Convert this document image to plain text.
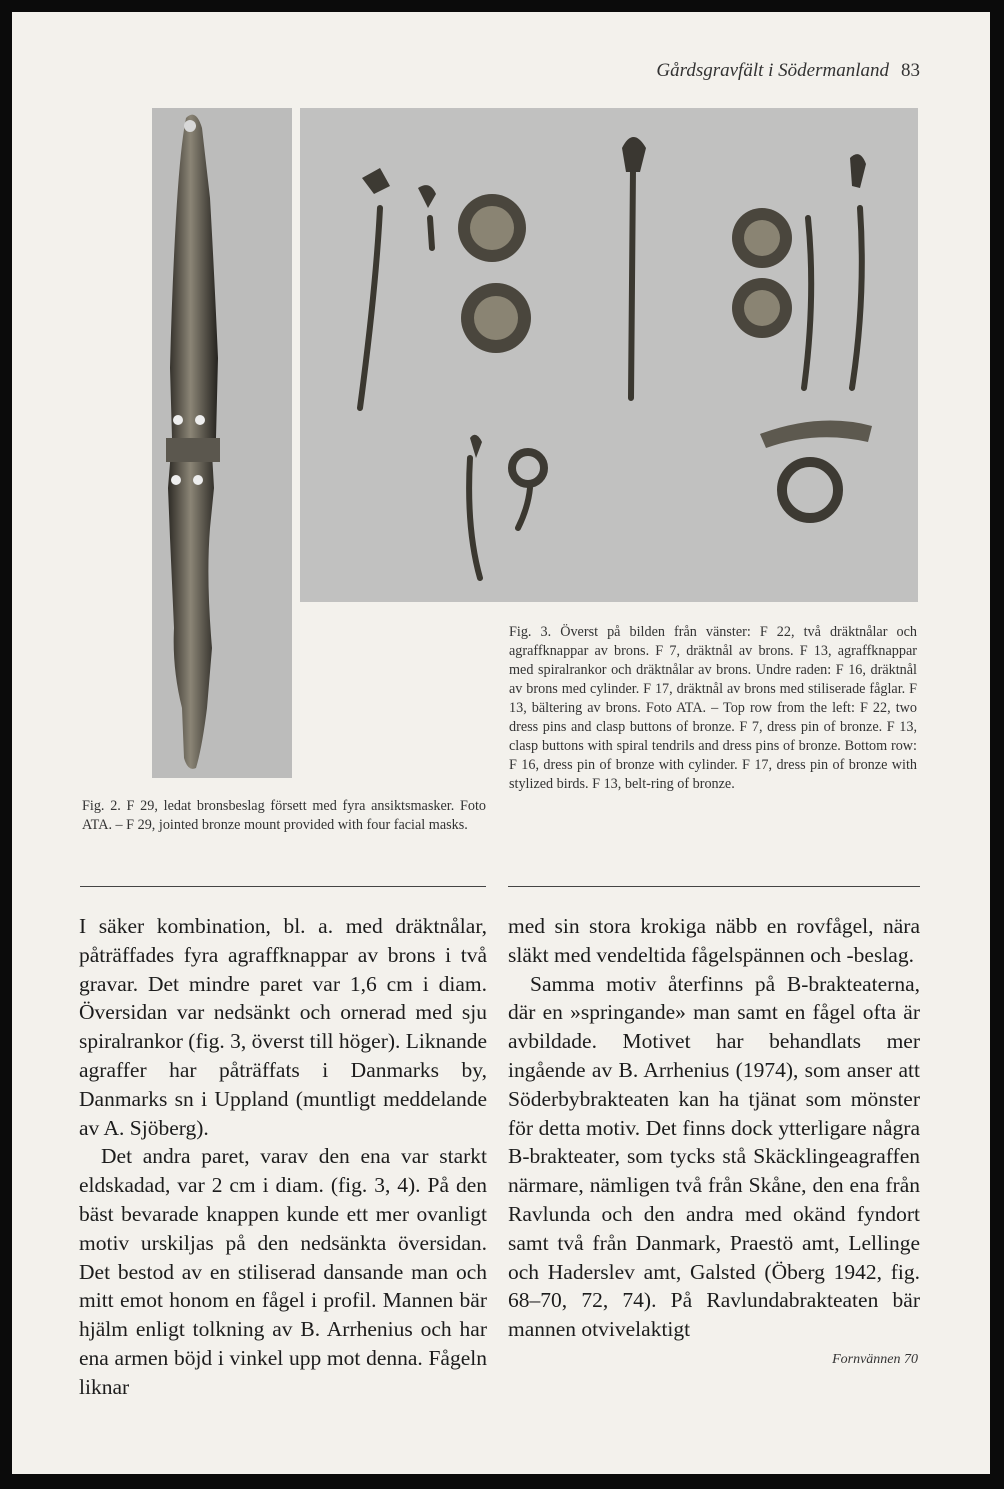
Gårdsgravfält i Södermanland 83
Fig. 3. Överst på bilden från vänster: F 22, två dräktnålar och agraffknappar av brons. F 7, dräktnål av brons. F 13, agraffknappar med spiralrankor och dräktnålar av brons. Undre raden: F 16, dräktnål av brons med cylinder. F 17, dräktnål av brons med stiliserade fåglar. F 13, bältering av brons. Foto ATA. – Top row from the left: F 22, two dress pins and clasp buttons of bronze. F 7, dress pin of bronze. F 13, clasp buttons with spiral tendrils and dress pins of bronze. Bottom row: F 16, dress pin of bronze with cylinder. F 17, dress pin of bronze with stylized birds. F 13, belt-ring of bronze.
Fig. 2. F 29, ledat bronsbeslag försett med fyra ansiktsmasker. Foto ATA. – F 29, jointed bronze mount provided with four facial masks.

I säker kombination, bl. a. med dräktnålar, påträffades fyra agraffknappar av brons i två gravar. Det mindre paret var 1,6 cm i diam. Översidan var nedsänkt och ornerad med sju spiralrankor (fig. 3, överst till höger). Liknande agraffer har påträffats i Danmarks by, Danmarks sn i Uppland (muntligt meddelande av A. Sjöberg).

Det andra paret, varav den ena var starkt eldskadad, var 2 cm i diam. (fig. 3, 4). På den bäst bevarade knappen kunde ett mer ovanligt motiv urskiljas på den nedsänkta översidan. Det bestod av en stiliserad dansande man och mitt emot honom en fågel i profil. Mannen bär hjälm enligt tolkning av B. Arrhenius och har ena armen böjd i vinkel upp mot denna. Fågeln liknar

med sin stora krokiga näbb en rovfågel, nära släkt med vendeltida fågelspännen och -beslag.

Samma motiv återfinns på B-brakteaterna, där en »springande» man samt en fågel ofta är avbildade. Motivet har behandlats mer ingående av B. Arrhenius (1974), som anser att Söderbybrakteaten kan ha tjänat som mönster för detta motiv. Det finns dock ytterligare några B-brakteater, som tycks stå Skäcklingeagraffen närmare, nämligen två från Skåne, den ena från Ravlunda och den andra med okänd fyndort samt två från Danmark, Praestö amt, Lellinge och Haderslev amt, Galsted (Öberg 1942, fig. 68–70, 72, 74). På Ravlundabrakteaten bär mannen otvivelaktigt

Fornvännen 70
